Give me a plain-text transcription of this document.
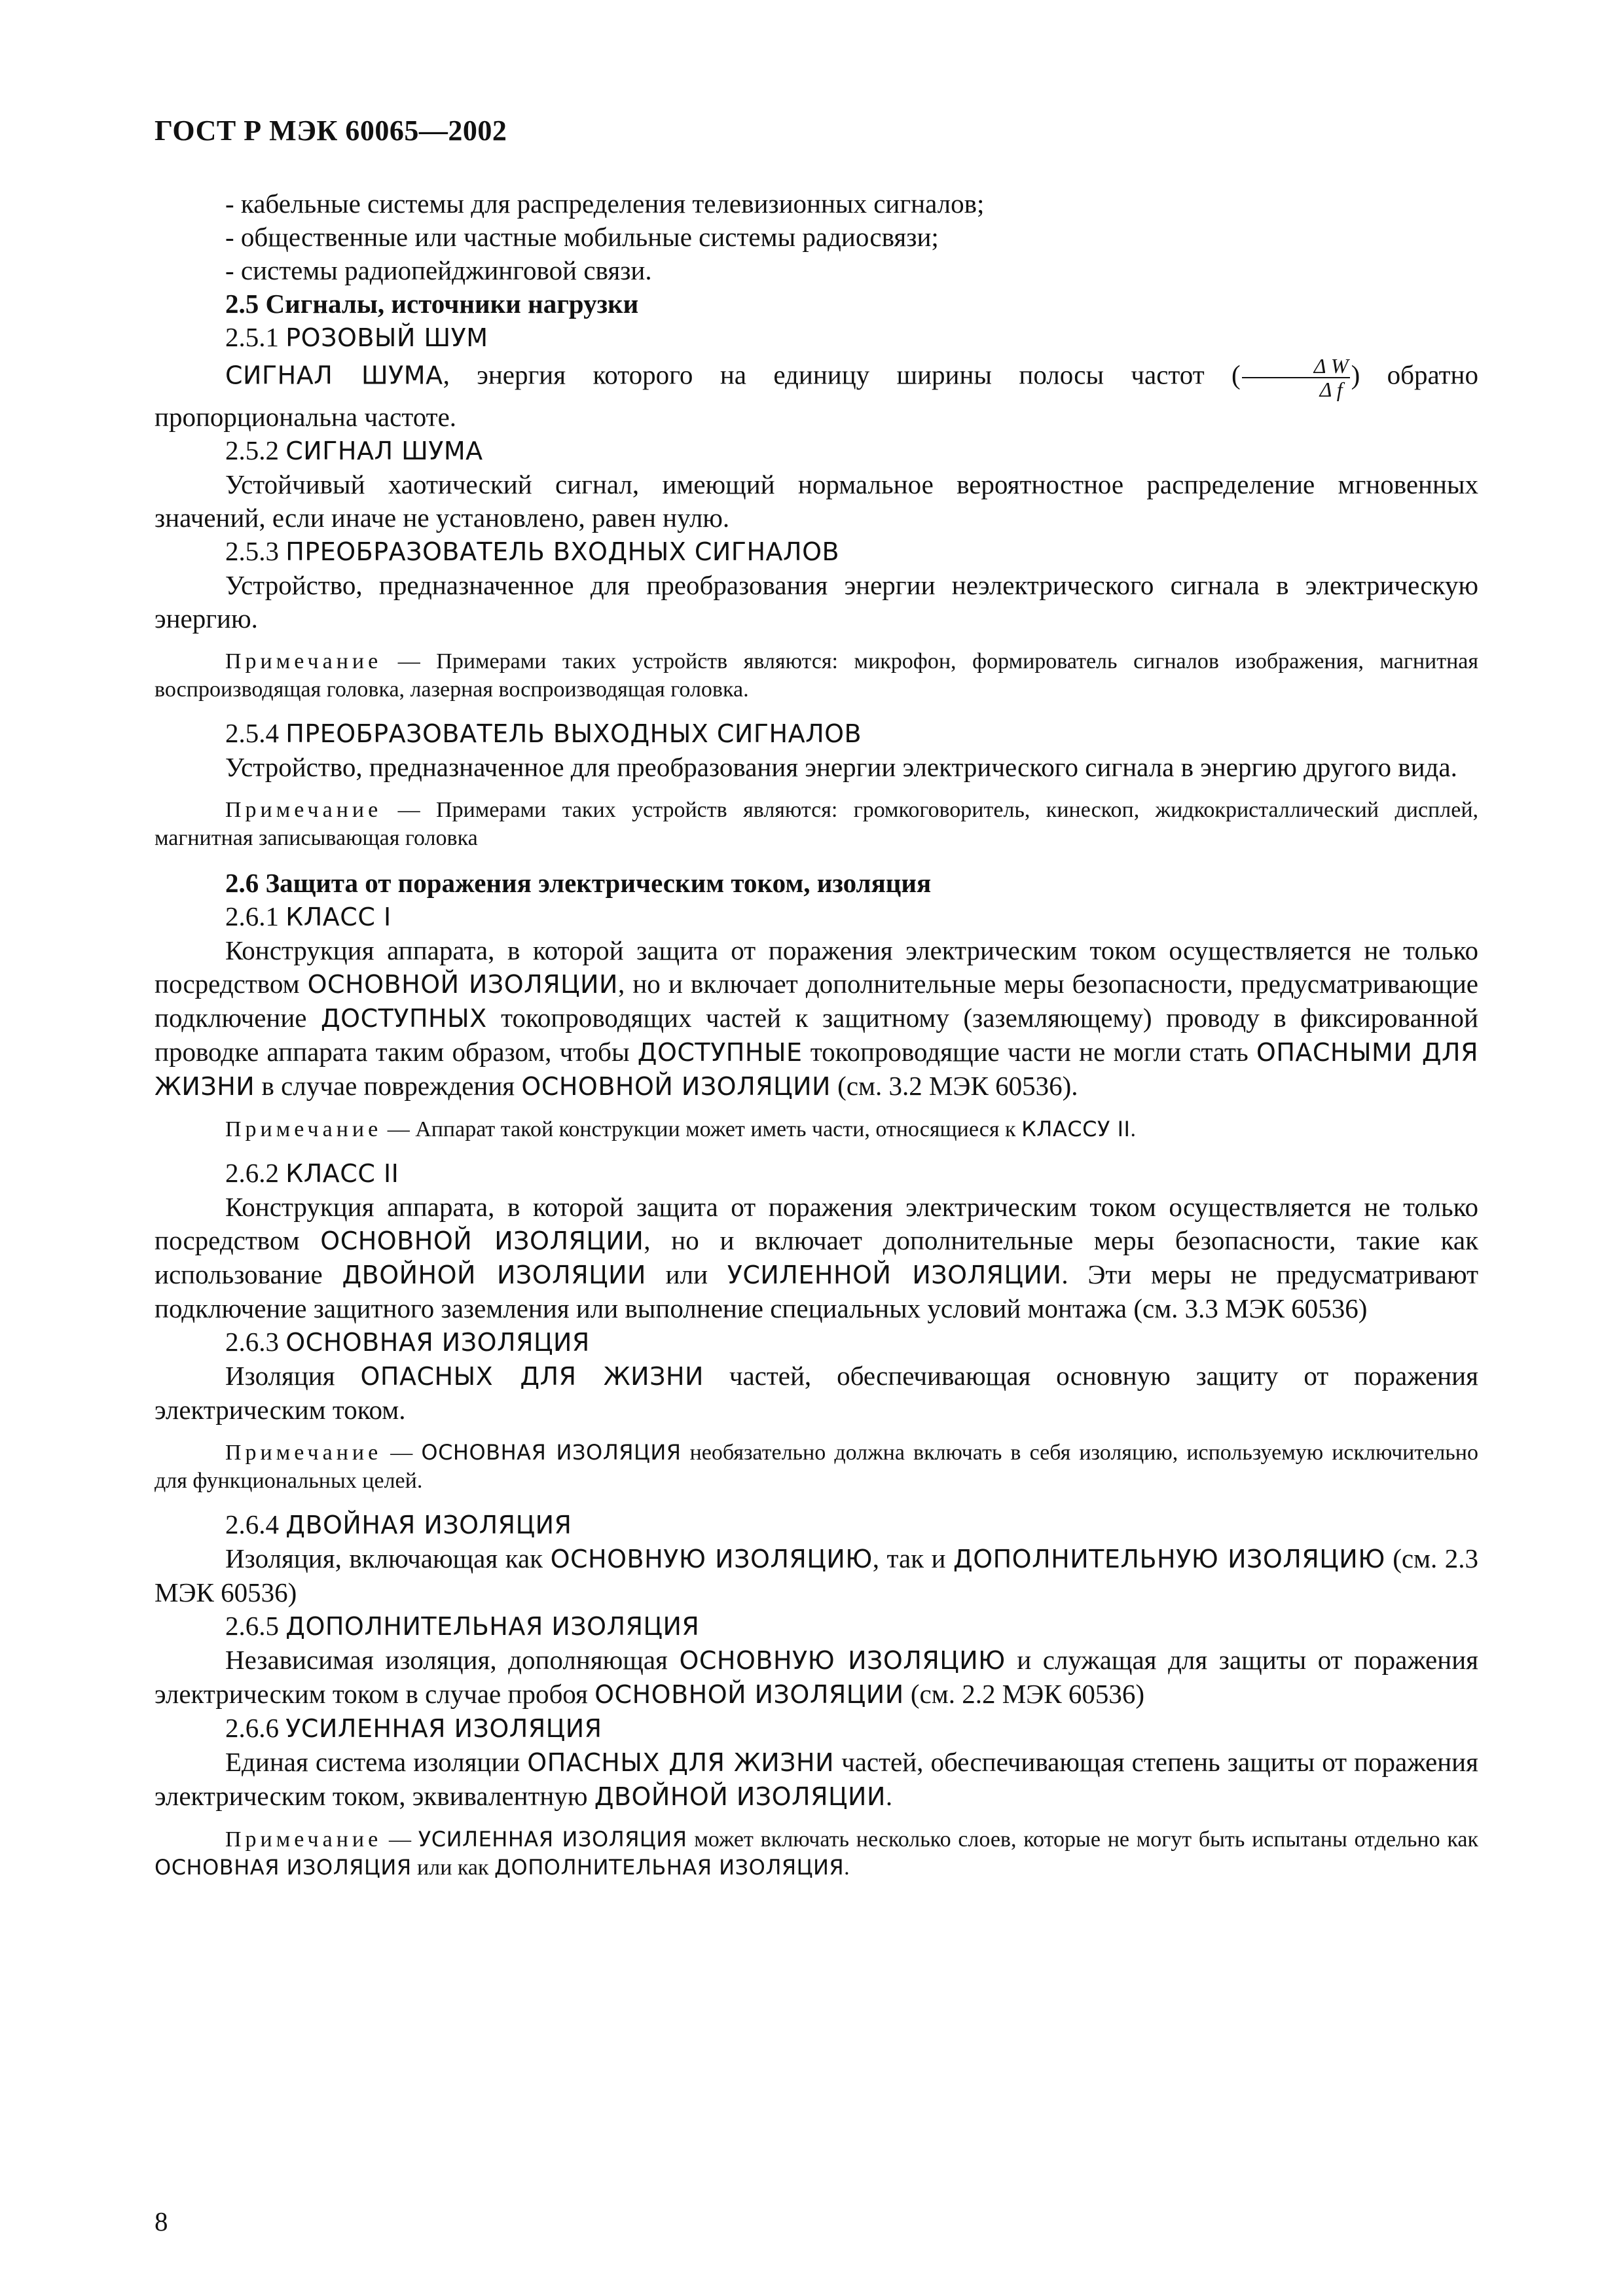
ГОСТ Р МЭК 60065—2002

- кабельные системы для распределения телевизионных сигналов;

- общественные или частные мобильные системы радиосвязи;

- системы радиопейджинговой связи.

2.5 Сигналы, источники нагрузки

2.5.1 РОЗОВЫЙ ШУМ

СИГНАЛ ШУМА, энергия которого на единицу ширины полосы частот ( $\frac{\text{Δ W}}{\text{Δ f}}$ ) обратно пропорциональна частоте.

2.5.2 СИГНАЛ ШУМА

Устойчивый хаотический сигнал, имеющий нормальное вероятностное распределение мгновенных значений, если иначе не установлено, равен нулю.

2.5.3 ПРЕОБРАЗОВАТЕЛЬ ВХОДНЫХ СИГНАЛОВ

Устройство, предназначенное для преобразования энергии неэлектрического сигнала в электрическую энергию.

Примечание — Примерами таких устройств являются: микрофон, формирователь сигналов изображения, магнитная воспроизводящая головка, лазерная воспроизводящая головка.

2.5.4 ПРЕОБРАЗОВАТЕЛЬ ВЫХОДНЫХ СИГНАЛОВ

Устройство, предназначенное для преобразования энергии электрического сигнала в энергию другого вида.

Примечание — Примерами таких устройств являются: громкоговоритель, кинескоп, жидкокристаллический дисплей, магнитная записывающая головка

2.6 Защита от поражения электрическим током, изоляция

2.6.1 КЛАСС I

Конструкция аппарата, в которой защита от поражения электрическим током осуществляется не только посредством ОСНОВНОЙ ИЗОЛЯЦИИ, но и включает дополнительные меры безопасности, предусматривающие подключение ДОСТУПНЫХ токопроводящих частей к защитному (заземляющему) проводу в фиксированной проводке аппарата таким образом, чтобы ДОСТУПНЫЕ токопроводящие части не могли стать ОПАСНЫМИ ДЛЯ ЖИЗНИ в случае повреждения ОСНОВНОЙ ИЗОЛЯЦИИ (см. 3.2 МЭК 60536).

Примечание — Аппарат такой конструкции может иметь части, относящиеся к КЛАССУ II.

2.6.2 КЛАСС II

Конструкция аппарата, в которой защита от поражения электрическим током осуществляется не только посредством ОСНОВНОЙ ИЗОЛЯЦИИ, но и включает дополнительные меры безопасности, такие как использование ДВОЙНОЙ ИЗОЛЯЦИИ или УСИЛЕННОЙ ИЗОЛЯЦИИ. Эти меры не предусматривают подключение защитного заземления или выполнение специальных условий монтажа (см. 3.3 МЭК 60536)

2.6.3 ОСНОВНАЯ ИЗОЛЯЦИЯ

Изоляция ОПАСНЫХ ДЛЯ ЖИЗНИ частей, обеспечивающая основную защиту от поражения электрическим током.

Примечание — ОСНОВНАЯ ИЗОЛЯЦИЯ необязательно должна включать в себя изоляцию, используемую исключительно для функциональных целей.

2.6.4 ДВОЙНАЯ ИЗОЛЯЦИЯ

Изоляция, включающая как ОСНОВНУЮ ИЗОЛЯЦИЮ, так и ДОПОЛНИТЕЛЬНУЮ ИЗОЛЯЦИЮ (см. 2.3 МЭК 60536)

2.6.5 ДОПОЛНИТЕЛЬНАЯ ИЗОЛЯЦИЯ

Независимая изоляция, дополняющая ОСНОВНУЮ ИЗОЛЯЦИЮ и служащая для защиты от поражения электрическим током в случае пробоя ОСНОВНОЙ ИЗОЛЯЦИИ (см. 2.2 МЭК 60536)

2.6.6 УСИЛЕННАЯ ИЗОЛЯЦИЯ

Единая система изоляции ОПАСНЫХ ДЛЯ ЖИЗНИ частей, обеспечивающая степень защиты от поражения электрическим током, эквивалентную ДВОЙНОЙ ИЗОЛЯЦИИ.

Примечание — УСИЛЕННАЯ ИЗОЛЯЦИЯ может включать несколько слоев, которые не могут быть испытаны отдельно как ОСНОВНАЯ ИЗОЛЯЦИЯ или как ДОПОЛНИТЕЛЬНАЯ ИЗОЛЯЦИЯ.

8
